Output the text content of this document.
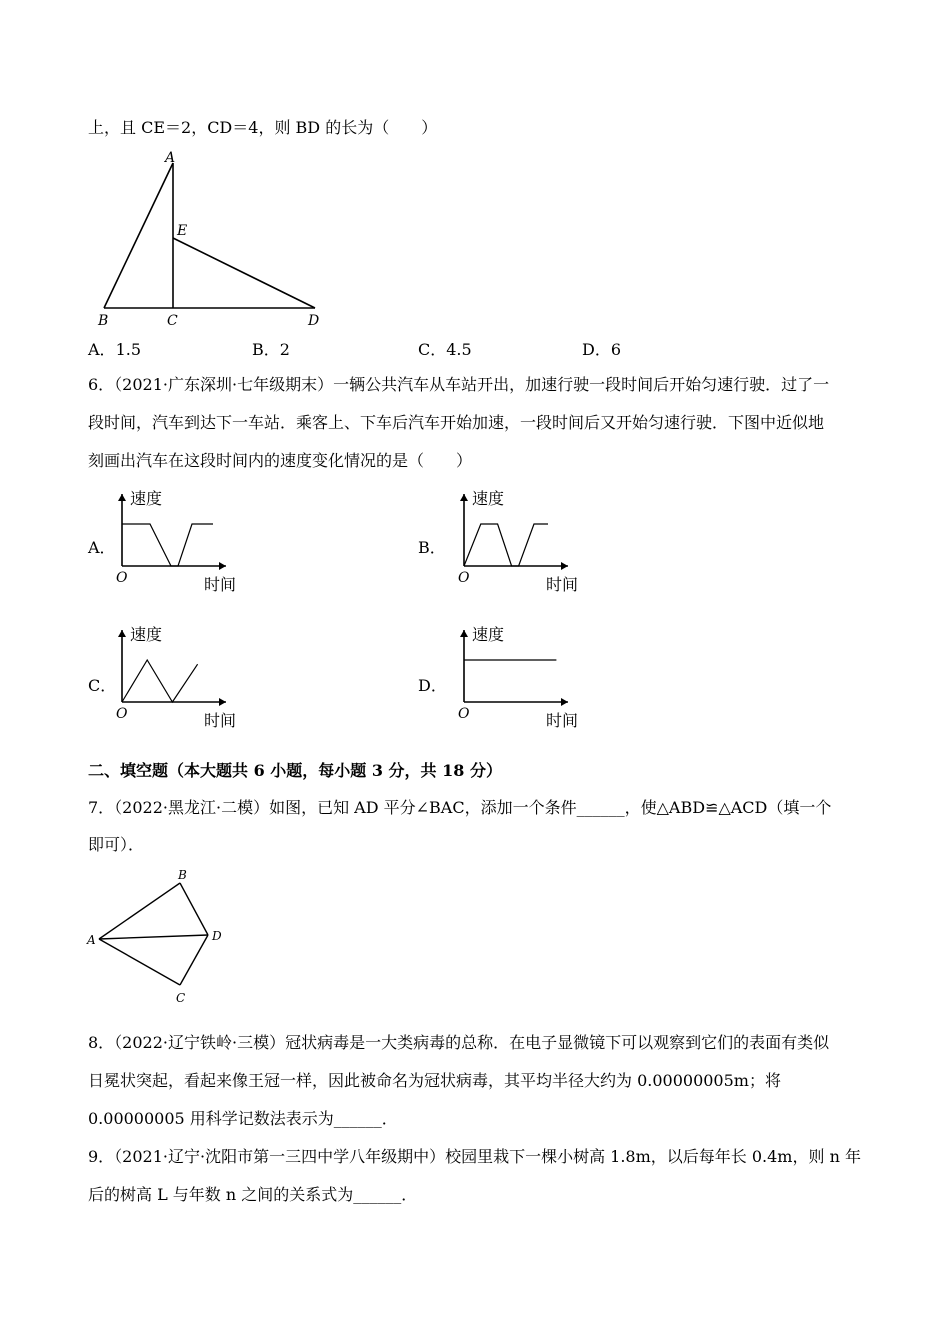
上，且 CE＝2，CD＝4，则 BD 的长为（　　）
A
E
B	C	D
A．1.5	B．2	C．4.5	D．6
6．（2021·广东深圳·七年级期末）一辆公共汽车从车站开出，加速行驶一段时间后开始匀速行驶．过了一
段时间，汽车到达下一车站．乘客上、下车后汽车开始加速，一段时间后又开始匀速行驶．下图中近似地
刻画出汽车在这段时间内的速度变化情况的是（　　）
A．	B．
C．	D．
速度
时间
O
速度
时间
O
速度
时间
O
速度
时间
O
二、填空题（本大题共 6 小题，每小题 3 分，共 18 分）
7．（2022·黑龙江·二模）如图，已知 AD 平分∠BAC，添加一个条件______，使△ABD≌△ACD（填一个
即可）．
A
B
D
C
8．（2022·辽宁铁岭·三模）冠状病毒是一大类病毒的总称．在电子显微镜下可以观察到它们的表面有类似
日冕状突起，看起来像王冠一样，因此被命名为冠状病毒，其平均半径大约为 0.00000005m；将
0.00000005 用科学记数法表示为______．
9．（2021·辽宁·沈阳市第一三四中学八年级期中）校园里栽下一棵小树高 1.8m，以后每年长 0.4m，则 n 年
后的树高 L 与年数 n 之间的关系式为______．
